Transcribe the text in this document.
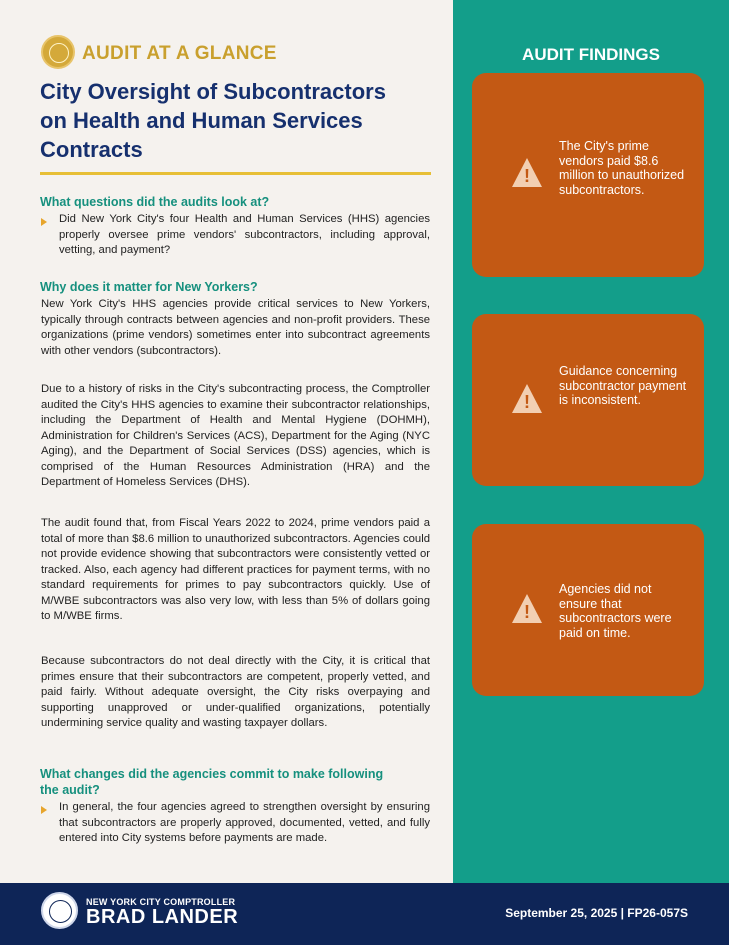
AUDIT AT A GLANCE
City Oversight of Subcontractors
on Health and Human Services
Contracts
What questions did the audits look at?
Did New York City's four Health and Human Services (HHS) agencies properly oversee prime vendors' subcontractors, including approval, vetting, and payment?
Why does it matter for New Yorkers?
New York City's HHS agencies provide critical services to New Yorkers, typically through contracts between agencies and non-profit providers. These organizations (prime vendors) sometimes enter into subcontract agreements with other vendors (subcontractors).
Due to a history of risks in the City's subcontracting process, the Comptroller audited the City's HHS agencies to examine their subcontractor relationships, including the Department of Health and Mental Hygiene (DOHMH), Administration for Children's Services (ACS), Department for the Aging (NYC Aging), and the Department of Social Services (DSS) agencies, which is comprised of the Human Resources Administration (HRA) and the Department of Homeless Services (DHS).
The audit found that, from Fiscal Years 2022 to 2024, prime vendors paid a total of more than $8.6 million to unauthorized subcontractors. Agencies could not provide evidence showing that subcontractors were consistently vetted or tracked. Also, each agency had different practices for payment terms, with no standard requirements for primes to pay subcontractors quickly. Use of M/WBE subcontractors was also very low, with less than 5% of dollars going to M/WBE firms.
Because subcontractors do not deal directly with the City, it is critical that primes ensure that their subcontractors are competent, properly vetted, and paid fairly. Without adequate oversight, the City risks overpaying and supporting unapproved or under-qualified organizations, potentially undermining service quality and wasting taxpayer dollars.
What changes did the agencies commit to make following
the audit?
In general, the four agencies agreed to strengthen oversight by ensuring that subcontractors are properly approved, documented, vetted, and fully entered into City systems before payments are made.
AUDIT FINDINGS
!
The City's prime vendors paid $8.6 million to unauthorized subcontractors.
!
Guidance concerning subcontractor payment is inconsistent.
!
Agencies did not ensure that subcontractors were paid on time.
NEW YORK CITY COMPTROLLER
BRAD LANDER	September 25, 2025 | FP26-057S
